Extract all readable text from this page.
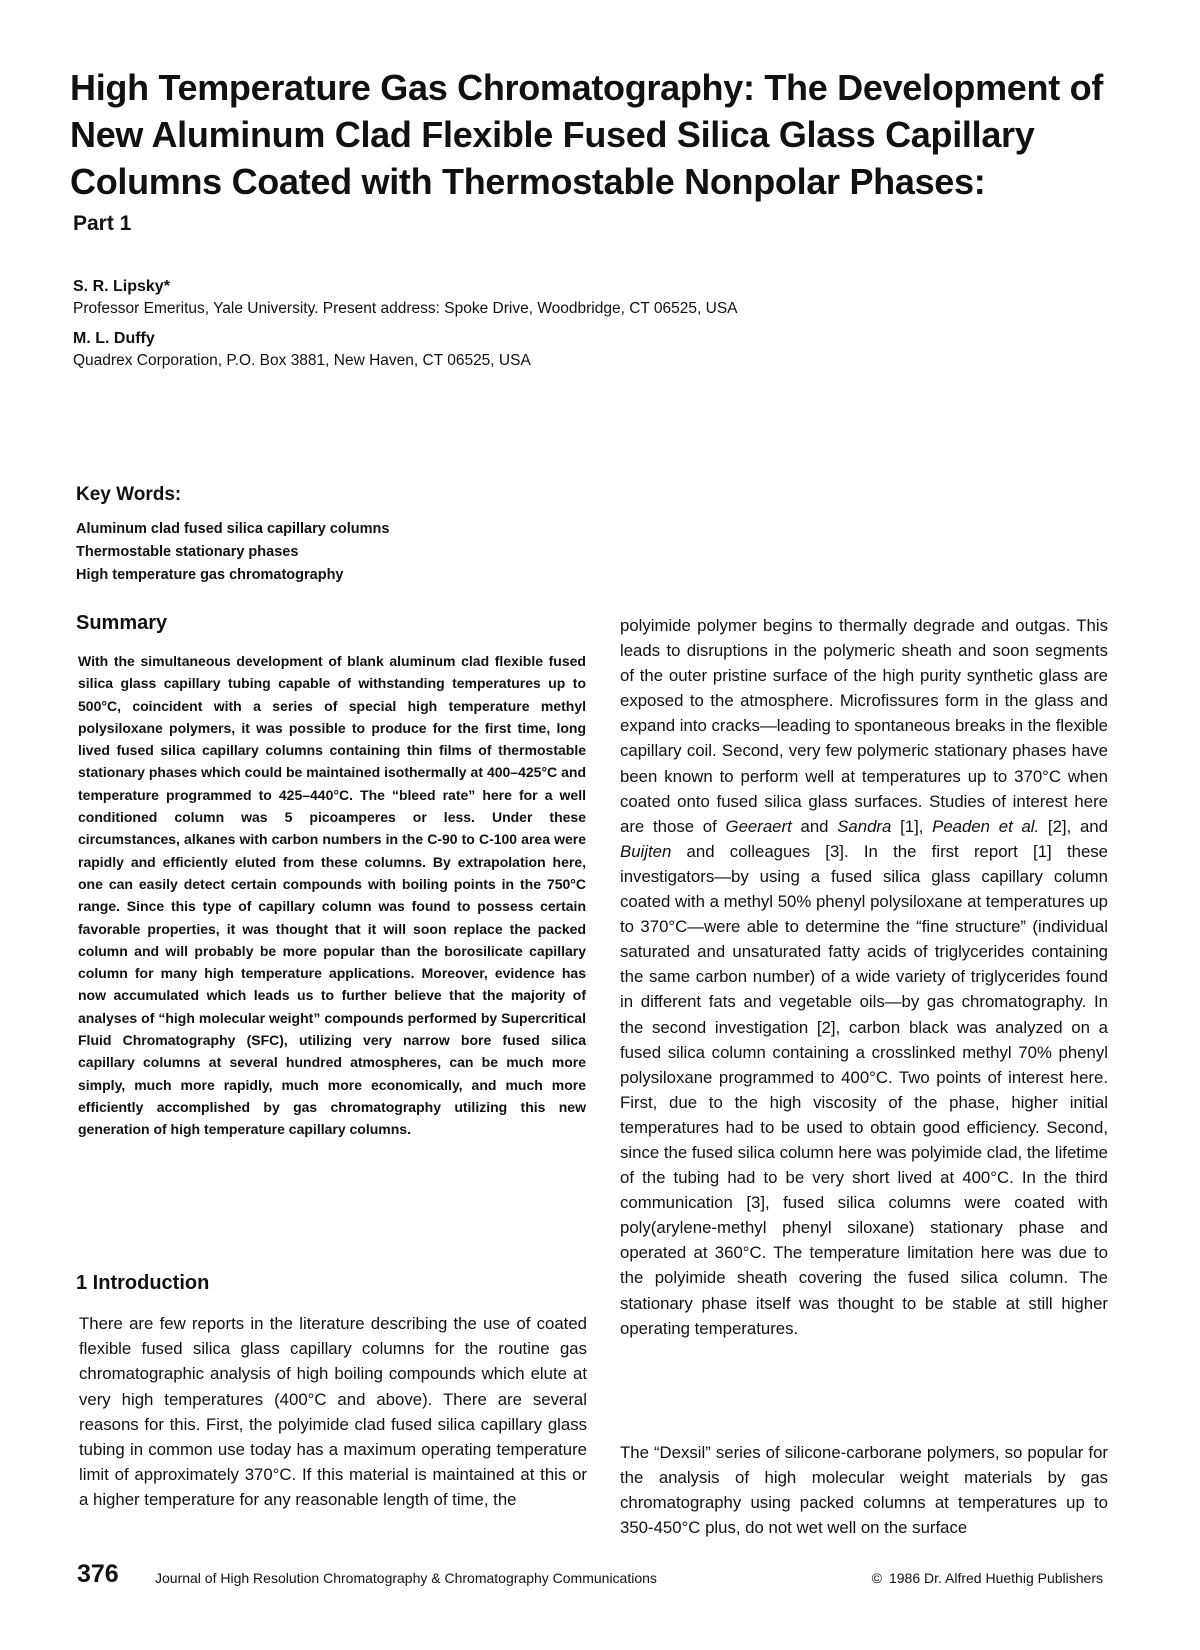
High Temperature Gas Chromatography: The Development of New Aluminum Clad Flexible Fused Silica Glass Capillary Columns Coated with Thermostable Nonpolar Phases:
Part 1
S. R. Lipsky*
Professor Emeritus, Yale University. Present address: Spoke Drive, Woodbridge, CT 06525, USA
M. L. Duffy
Quadrex Corporation, P.O. Box 3881, New Haven, CT 06525, USA
Key Words:
Aluminum clad fused silica capillary columns
Thermostable stationary phases
High temperature gas chromatography
Summary

With the simultaneous development of blank aluminum clad flexible fused silica glass capillary tubing capable of withstanding temperatures up to 500°C, coincident with a series of special high temperature methyl polysiloxane polymers, it was possible to produce for the first time, long lived fused silica capillary columns containing thin films of thermostable stationary phases which could be maintained isothermally at 400–425°C and temperature programmed to 425–440°C. The “bleed rate” here for a well conditioned column was 5 picoamperes or less. Under these circumstances, alkanes with carbon numbers in the C-90 to C-100 area were rapidly and efficiently eluted from these columns. By extrapolation here, one can easily detect certain compounds with boiling points in the 750°C range. Since this type of capillary column was found to possess certain favorable properties, it was thought that it will soon replace the packed column and will probably be more popular than the borosilicate capillary column for many high temperature applications. Moreover, evidence has now accumulated which leads us to further believe that the majority of analyses of “high molecular weight” compounds performed by Supercritical Fluid Chromatography (SFC), utilizing very narrow bore fused silica capillary columns at several hundred atmospheres, can be much more simply, much more rapidly, much more economically, and much more efficiently accomplished by gas chromatography utilizing this new generation of high temperature capillary columns.

1 Introduction

There are few reports in the literature describing the use of coated flexible fused silica glass capillary columns for the routine gas chromatographic analysis of high boiling compounds which elute at very high temperatures (400°C and above). There are several reasons for this. First, the polyimide clad fused silica capillary glass tubing in common use today has a maximum operating temperature limit of approximately 370°C. If this material is maintained at this or a higher temperature for any reasonable length of time, the

polyimide polymer begins to thermally degrade and outgas. This leads to disruptions in the polymeric sheath and soon segments of the outer pristine surface of the high purity synthetic glass are exposed to the atmosphere. Microfissures form in the glass and expand into cracks—leading to spontaneous breaks in the flexible capillary coil. Second, very few polymeric stationary phases have been known to perform well at temperatures up to 370°C when coated onto fused silica glass surfaces. Studies of interest here are those of Geeraert and Sandra [1], Peaden et al. [2], and Buijten and colleagues [3]. In the first report [1] these investigators—by using a fused silica glass capillary column coated with a methyl 50% phenyl polysiloxane at temperatures up to 370°C—were able to determine the “fine structure” (individual saturated and unsaturated fatty acids of triglycerides containing the same carbon number) of a wide variety of triglycerides found in different fats and vegetable oils—by gas chromatography. In the second investigation [2], carbon black was analyzed on a fused silica column containing a crosslinked methyl 70% phenyl polysiloxane programmed to 400°C. Two points of interest here. First, due to the high viscosity of the phase, higher initial temperatures had to be used to obtain good efficiency. Second, since the fused silica column here was polyimide clad, the lifetime of the tubing had to be very short lived at 400°C. In the third communication [3], fused silica columns were coated with poly(arylene-methyl phenyl siloxane) stationary phase and operated at 360°C. The temperature limitation here was due to the polyimide sheath covering the fused silica column. The stationary phase itself was thought to be stable at still higher operating temperatures.

The “Dexsil” series of silicone-carborane polymers, so popular for the analysis of high molecular weight materials by gas chromatography using packed columns at temperatures up to 350-450°C plus, do not wet well on the surface

376	Journal of High Resolution Chromatography & Chromatography Communications	© 1986 Dr. Alfred Huethig Publishers
